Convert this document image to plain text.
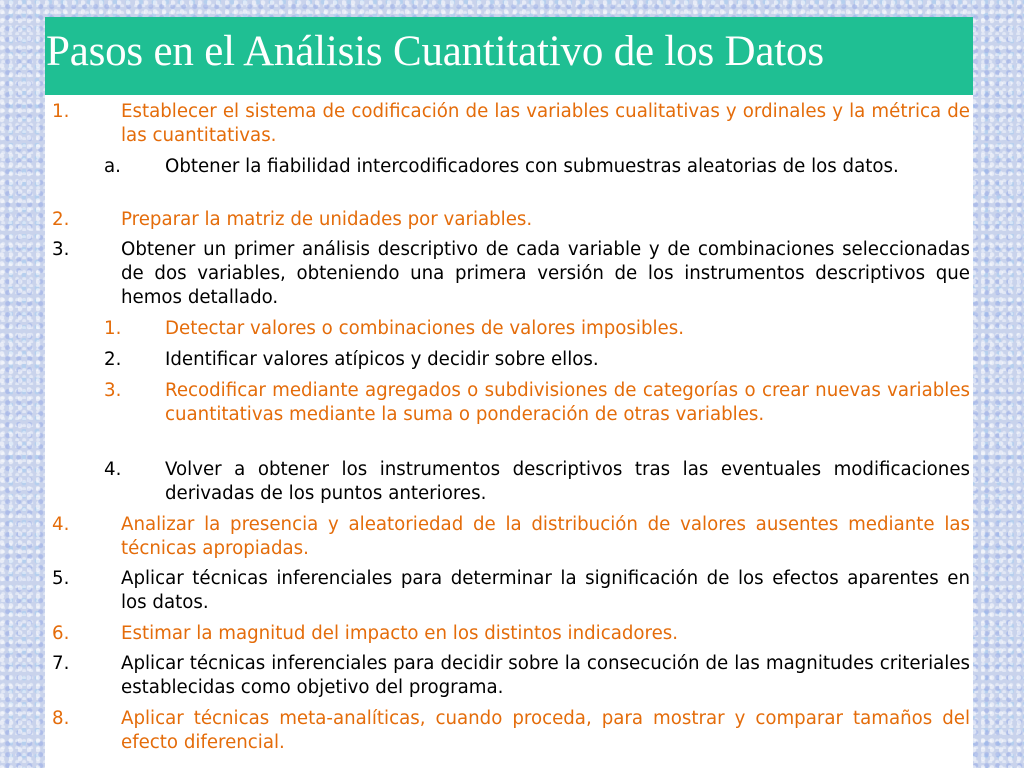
Pasos en el Análisis Cuantitativo de los Datos
1.	Establecer el sistema de codificación de las variables cualitativas y ordinales y la métrica de las cuantitativas.
a. Obtener la fiabilidad intercodificadores con submuestras aleatorias de los datos.
2.	Preparar la matriz de unidades por variables.
3.	Obtener un primer análisis descriptivo de cada variable y de combinaciones seleccionadas de dos variables, obteniendo una primera versión de los instrumentos descriptivos que hemos detallado.
1. Detectar valores o combinaciones de valores imposibles.
2. Identificar valores atípicos y decidir sobre ellos.
3. Recodificar mediante agregados o subdivisiones de categorías o crear nuevas variables cuantitativas mediante la suma o ponderación de otras variables.
4. Volver a obtener los instrumentos descriptivos tras las eventuales modificaciones derivadas de los puntos anteriores.
4.	Analizar la presencia y aleatoriedad de la distribución de valores ausentes mediante las técnicas apropiadas.
5.	Aplicar técnicas inferenciales para determinar la significación de los efectos aparentes en los datos.
6.	Estimar la magnitud del impacto en los distintos indicadores.
7.	Aplicar técnicas inferenciales para decidir sobre la consecución de las magnitudes criteriales establecidas como objetivo del programa.
8.	Aplicar técnicas meta-analíticas, cuando proceda, para mostrar y comparar tamaños del efecto diferencial.
